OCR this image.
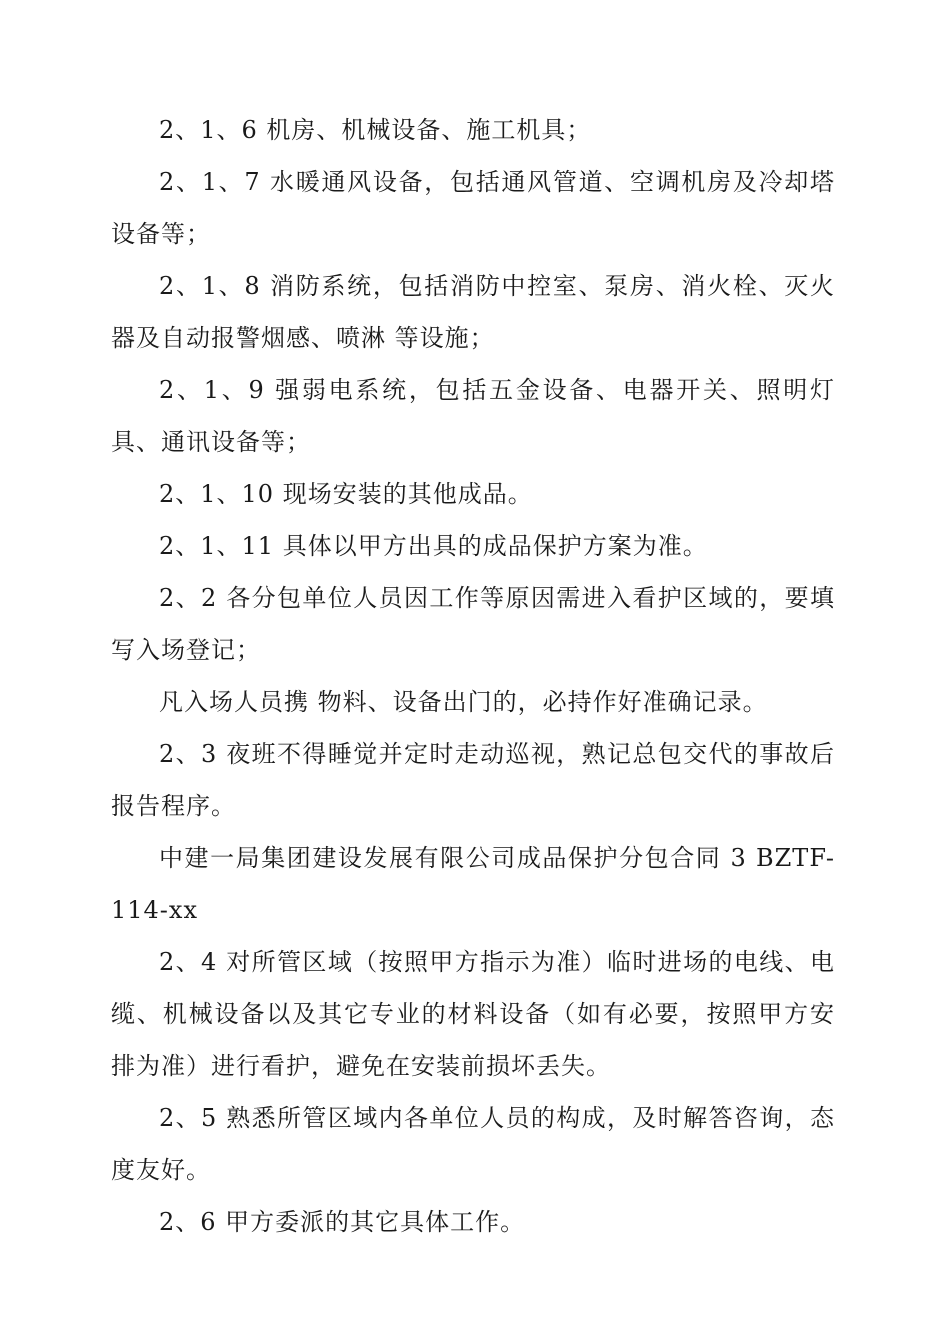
2、1、6 机房、机械设备、施工机具；

2、1、7 水暖通风设备，包括通风管道、空调机房及冷却塔设备等；

2、1、8 消防系统，包括消防中控室、泵房、消火栓、灭火器及自动报警烟感、喷淋 等设施；

2、1、9 强弱电系统，包括五金设备、电器开关、照明灯具、通讯设备等；

2、1、10 现场安装的其他成品。

2、1、11 具体以甲方出具的成品保护方案为准。

2、2 各分包单位人员因工作等原因需进入看护区域的，要填写入场登记；

凡入场人员携 物料、设备出门的，必持作好准确记录。

2、3 夜班不得睡觉并定时走动巡视，熟记总包交代的事故后报告程序。

中建一局集团建设发展有限公司成品保护分包合同 3 BZTF-114-xx

2、4 对所管区域（按照甲方指示为准）临时进场的电线、电缆、机械设备以及其它专业的材料设备（如有必要，按照甲方安排为准）进行看护，避免在安装前损坏丢失。

2、5 熟悉所管区域内各单位人员的构成，及时解答咨询，态度友好。

2、6 甲方委派的其它具体工作。
